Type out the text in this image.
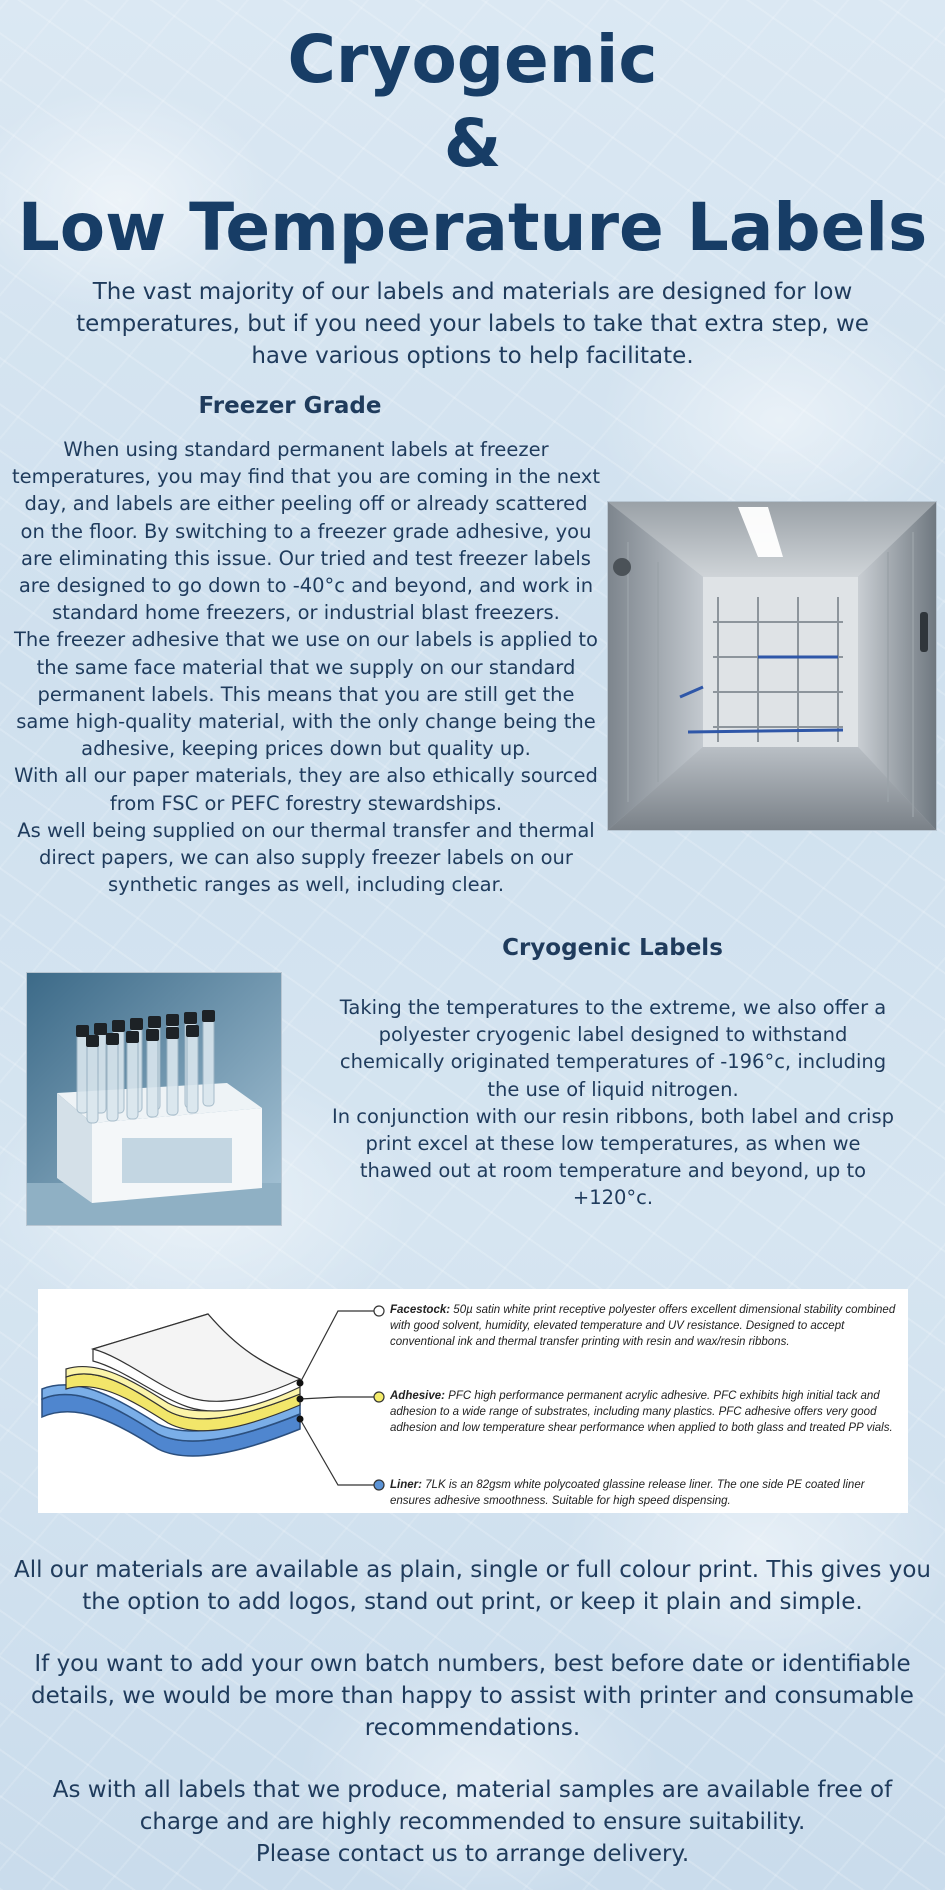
Cryogenic
&
Low Temperature Labels
The vast majority of our labels and materials are designed for low temperatures, but if you need your labels to take that extra step, we have various options to help facilitate.
Freezer Grade

When using standard permanent labels at freezer temperatures, you may find that you are coming in the next day, and labels are either peeling off or already scattered on the floor. By switching to a freezer grade adhesive, you are eliminating this issue. Our tried and test freezer labels are designed to go down to -40°c and beyond, and work in standard home freezers, or industrial blast freezers.

The freezer adhesive that we use on our labels is applied to the same face material that we supply on our standard permanent labels. This means that you are still get the same high-quality material, with the only change being the adhesive, keeping prices down but quality up.

With all our paper materials, they are also ethically sourced from FSC or PEFC forestry stewardships.

As well being supplied on our thermal transfer and thermal direct papers, we can also supply freezer labels on our synthetic ranges as well, including clear.

Cryogenic Labels

Taking the temperatures to the extreme, we also offer a polyester cryogenic label designed to withstand chemically originated temperatures of -196°c, including the use of liquid nitrogen.

In conjunction with our resin ribbons, both label and crisp print excel at these low temperatures, as when we thawed out at room temperature and beyond, up to +120°c.

Facestock: 50µ satin white print receptive polyester offers excellent dimensional stability combined with good solvent, humidity, elevated temperature and UV resistance. Designed to accept conventional ink and thermal transfer printing with resin and wax/resin ribbons.
Adhesive: PFC high performance permanent acrylic adhesive. PFC exhibits high initial tack and adhesion to a wide range of substrates, including many plastics. PFC adhesive offers very good adhesion and low temperature shear performance when applied to both glass and treated PP vials.
Liner: 7LK is an 82gsm white polycoated glassine release liner. The one side PE coated liner ensures adhesive smoothness. Suitable for high speed dispensing.

All our materials are available as plain, single or full colour print. This gives you the option to add logos, stand out print, or keep it plain and simple.

If you want to add your own batch numbers, best before date or identifiable details, we would be more than happy to assist with printer and consumable recommendations.

As with all labels that we produce, material samples are available free of charge and are highly recommended to ensure suitability.

Please contact us to arrange delivery.
